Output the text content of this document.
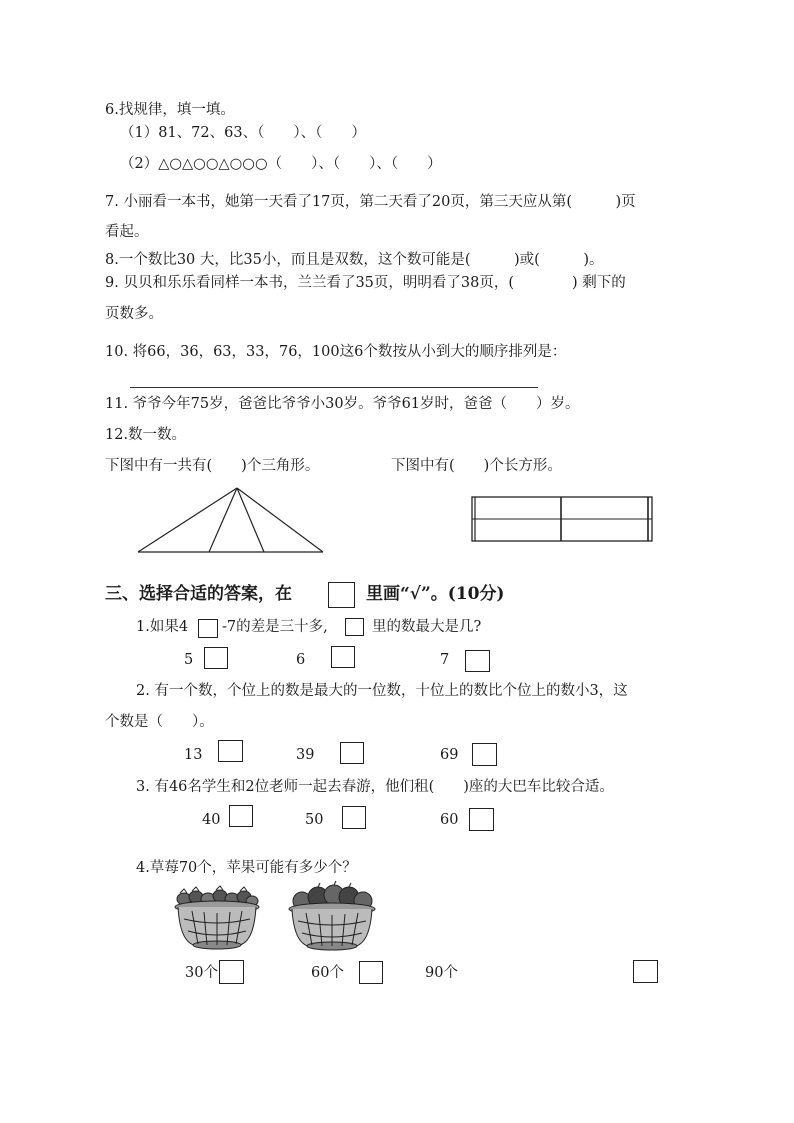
6.找规律，填一填。
（1）81、72、63、（　　）、（　　）
（2）△○△○○△○○○（　　）、（　　）、（　　）
7. 小丽看一本书，她第一天看了17页，第二天看了20页，第三天应从第(　　　)页
看起。
8.一个数比30 大，比35小，而且是双数，这个数可能是(　　　)或(　　　)。
9. 贝贝和乐乐看同样一本书，兰兰看了35页，明明看了38页，(　　　　) 剩下的
页数多。
10. 将66，36，63，33，76，100这6个数按从小到大的顺序排列是：
11. 爷爷今年75岁，爸爸比爷爷小30岁。爷爷61岁时，爸爸（　　）岁。
12.数一数。
下图中有一共有(　　)个三角形。	下图中有(　　)个长方形。
三、选择合适的答案，在	里画“√”。(10分)
1.如果4 -7的差是三十多,	里的数最大是几?
5	6	7
2. 有一个数，个位上的数是最大的一位数，十位上的数比个位上的数小3，这
个数是（　　）。
13	39	69
3. 有46名学生和2位老师一起去春游，他们租(　　)座的大巴车比较合适。
40	50	60
4.草莓70个，苹果可能有多少个？
30个	60个	90个
